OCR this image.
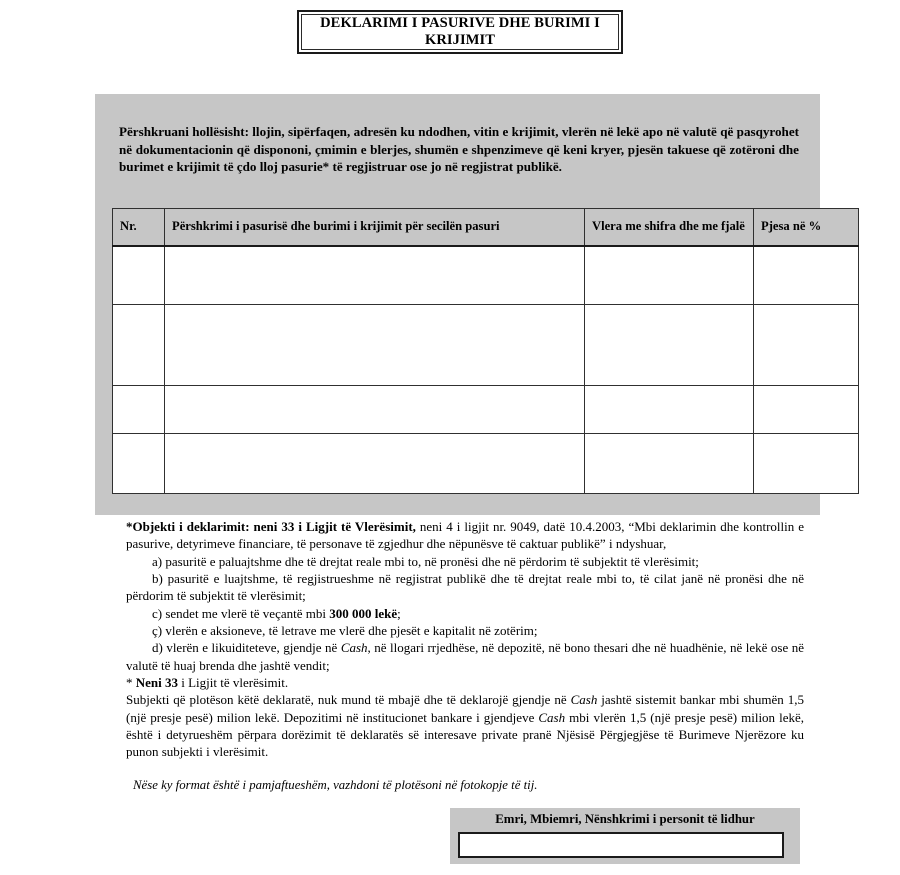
DEKLARIMI I PASURIVE DHE BURIMI I KRIJIMIT
Përshkruani hollësisht: llojin, sipërfaqen, adresën ku ndodhen, vitin e krijimit, vlerën në lekë apo në valutë që pasqyrohet në dokumentacionin që dispononi, çmimin e blerjes, shumën e shpenzimeve që keni kryer, pjesën takuese që zotëroni dhe burimet e krijimit të çdo lloj pasurie* të regjistruar ose jo në regjistrat publikë.
Nr.	Përshkrimi i pasurisë dhe burimi i krijimit për secilën pasuri	Vlera me shifra dhe me fjalë	Pjesa në %

*Objekti i deklarimit: neni 33 i Ligjit të Vlerësimit, neni 4 i ligjit nr. 9049, datë 10.4.2003, “Mbi deklarimin dhe kontrollin e pasurive, detyrimeve financiare, të personave të zgjedhur dhe nëpunësve të caktuar publikë” i ndyshuar,
a) pasuritë e paluajtshme dhe të drejtat reale mbi to, në pronësi dhe në përdorim të subjektit të vlerësimit;
b) pasuritë e luajtshme, të regjistrueshme në regjistrat publikë dhe të drejtat reale mbi to, të cilat janë në pronësi dhe në përdorim të subjektit të vlerësimit;
c) sendet me vlerë të veçantë mbi 300 000 lekë;
ç) vlerën e aksioneve, të letrave me vlerë dhe pjesët e kapitalit në zotërim;
d) vlerën e likuiditeteve, gjendje në Cash, në llogari rrjedhëse, në depozitë, në bono thesari dhe në huadhënie, në lekë ose në valutë të huaj brenda dhe jashtë vendit;
* Neni 33 i Ligjit të vlerësimit.
Subjekti që plotëson këtë deklaratë, nuk mund të mbajë dhe të deklarojë gjendje në Cash jashtë sistemit bankar mbi shumën 1,5 (një presje pesë) milion lekë. Depozitimi në institucionet bankare i gjendjeve Cash mbi vlerën 1,5 (një presje pesë) milion lekë, është i detyrueshëm përpara dorëzimit të deklaratës së interesave private pranë Njësisë Përgjegjëse të Burimeve Njerëzore ku punon subjekti i vlerësimit.
Nëse ky format është i pamjaftueshëm, vazhdoni të plotësoni në fotokopje të tij.
Emri, Mbiemri, Nënshkrimi i personit të lidhur
